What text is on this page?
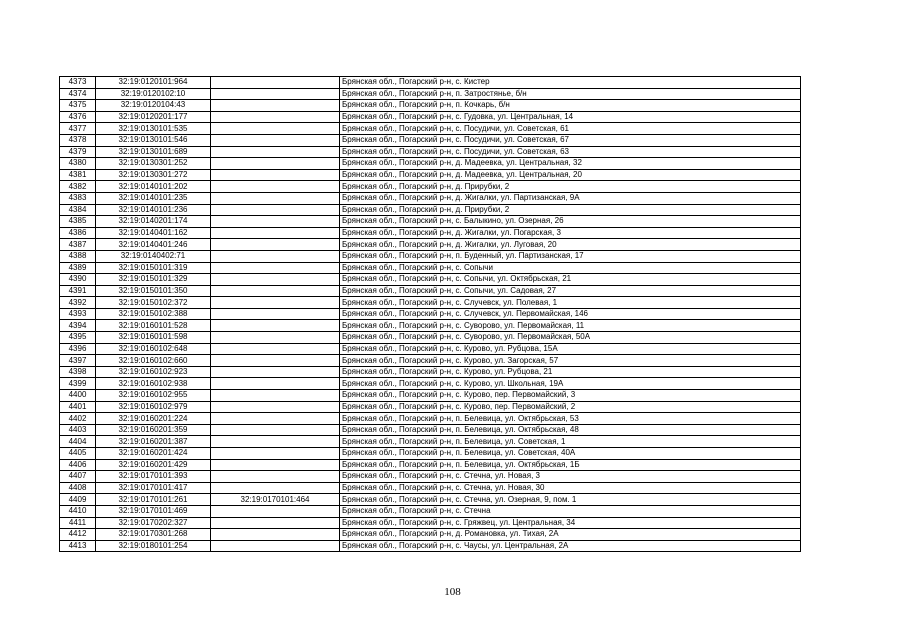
4373	32:19:0120101:964		Брянская обл., Погарский р-н, с. Кистер
4374	32:19:0120102:10		Брянская обл., Погарский р-н, п. Затростянье, б/н
4375	32:19:0120104:43		Брянская обл., Погарский р-н, п. Кочкарь, б/н
4376	32:19:0120201:177		Брянская обл., Погарский р-н, с. Гудовка, ул. Центральная, 14
4377	32:19:0130101:535		Брянская обл., Погарский р-н, с. Посудичи, ул. Советская, 61
4378	32:19:0130101:546		Брянская обл., Погарский р-н, с. Посудичи, ул. Советская, 67
4379	32:19:0130101:689		Брянская обл., Погарский р-н, с. Посудичи, ул. Советская, 63
4380	32:19:0130301:252		Брянская обл., Погарский р-н, д. Мадеевка, ул. Центральная, 32
4381	32:19:0130301:272		Брянская обл., Погарский р-н, д. Мадеевка, ул. Центральная, 20
4382	32:19:0140101:202		Брянская обл., Погарский р-н, д. Прирубки, 2
4383	32:19:0140101:235		Брянская обл., Погарский р-н, д. Жигалки, ул. Партизанская, 9А
4384	32:19:0140101:236		Брянская обл., Погарский р-н, д. Прирубки, 2
4385	32:19:0140201:174		Брянская обл., Погарский р-н, с. Балыкино, ул. Озерная, 26
4386	32:19:0140401:162		Брянская обл., Погарский р-н, д. Жигалки, ул. Погарская, 3
4387	32:19:0140401:246		Брянская обл., Погарский р-н, д. Жигалки, ул. Луговая, 20
4388	32:19:0140402:71		Брянская обл., Погарский р-н, п. Буденный, ул. Партизанская, 17
4389	32:19:0150101:319		Брянская обл., Погарский р-н, с. Сопычи
4390	32:19:0150101:329		Брянская обл., Погарский р-н, с. Сопычи, ул. Октябрьская, 21
4391	32:19:0150101:350		Брянская обл., Погарский р-н, с. Сопычи, ул. Садовая, 27
4392	32:19:0150102:372		Брянская обл., Погарский р-н, с. Случевск, ул. Полевая, 1
4393	32:19:0150102:388		Брянская обл., Погарский р-н, с. Случевск, ул. Первомайская, 146
4394	32:19:0160101:528		Брянская обл., Погарский р-н, с. Суворово, ул. Первомайская, 11
4395	32:19:0160101:598		Брянская обл., Погарский р-н, с. Суворово, ул. Первомайская, 50А
4396	32:19:0160102:648		Брянская обл., Погарский р-н, с. Курово, ул. Рубцова, 15А
4397	32:19:0160102:660		Брянская обл., Погарский р-н, с. Курово, ул. Загорская, 57
4398	32:19:0160102:923		Брянская обл., Погарский р-н, с. Курово, ул. Рубцова, 21
4399	32:19:0160102:938		Брянская обл., Погарский р-н, с. Курово, ул. Школьная, 19А
4400	32:19:0160102:955		Брянская обл., Погарский р-н, с. Курово, пер. Первомайский, 3
4401	32:19:0160102:979		Брянская обл., Погарский р-н, с. Курово, пер. Первомайский, 2
4402	32:19:0160201:224		Брянская обл., Погарский р-н, п. Белевица, ул. Октябрьская, 53
4403	32:19:0160201:359		Брянская обл., Погарский р-н, п. Белевица, ул. Октябрьская, 48
4404	32:19:0160201:387		Брянская обл., Погарский р-н, п. Белевица, ул. Советская, 1
4405	32:19:0160201:424		Брянская обл., Погарский р-н, п. Белевица, ул. Советская, 40А
4406	32:19:0160201:429		Брянская обл., Погарский р-н, п. Белевица, ул. Октябрьская, 1Б
4407	32:19:0170101:393		Брянская обл., Погарский р-н, с. Стечна, ул. Новая, 3
4408	32:19:0170101:417		Брянская обл., Погарский р-н, с. Стечна, ул. Новая, 30
4409	32:19:0170101:261	32:19:0170101:464	Брянская обл., Погарский р-н, с. Стечна, ул. Озерная, 9, пом. 1
4410	32:19:0170101:469		Брянская обл., Погарский р-н, с. Стечна
4411	32:19:0170202:327		Брянская обл., Погарский р-н, с. Гряжвец, ул. Центральная, 34
4412	32:19:0170301:268		Брянская обл., Погарский р-н, д. Романовка, ул. Тихая, 2А
4413	32:19:0180101:254		Брянская обл., Погарский р-н, с. Чаусы, ул. Центральная, 2А
108
